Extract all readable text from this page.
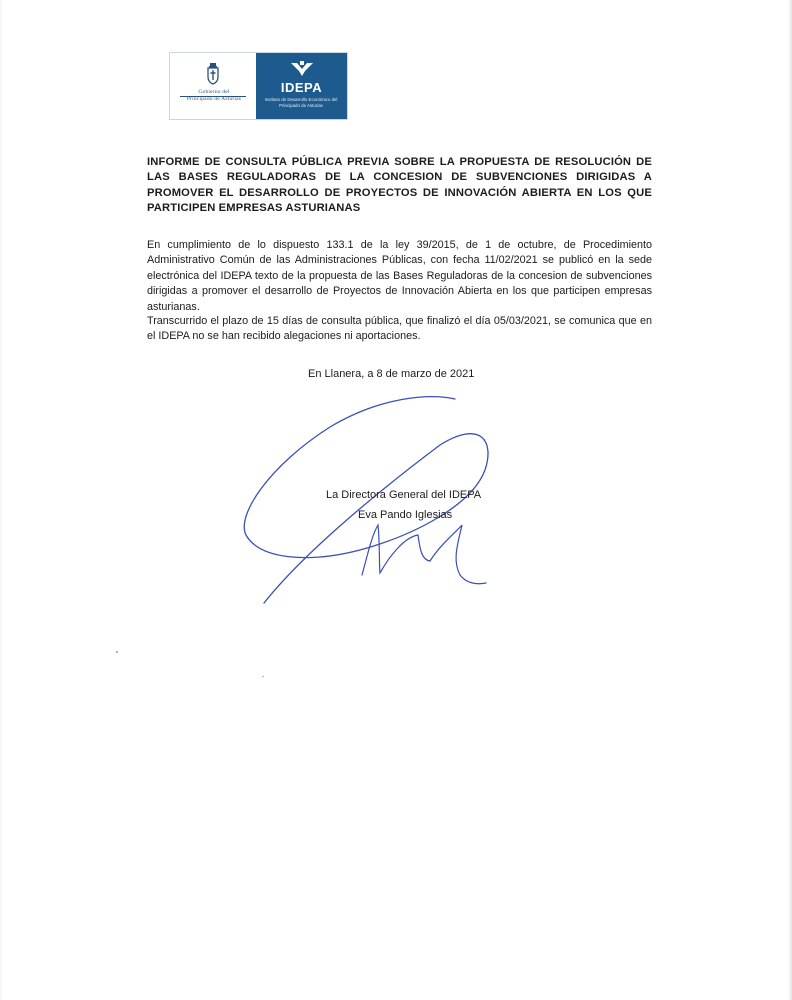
Gobierno del
Principado de Asturias
IDEPA
Instituto de Desarrollo Económico del Principado de Asturias
INFORME DE CONSULTA PÚBLICA PREVIA SOBRE LA PROPUESTA DE RESOLUCIÓN DE LAS BASES REGULADORAS DE LA CONCESION DE SUBVENCIONES DIRIGIDAS A PROMOVER EL DESARROLLO DE PROYECTOS DE INNOVACIÓN ABIERTA EN LOS QUE PARTICIPEN EMPRESAS ASTURIANAS
En cumplimiento de lo dispuesto 133.1 de la ley 39/2015, de 1 de octubre, de Procedimiento Administrativo Común de las Administraciones Públicas, con fecha 11/02/2021 se publicó en la sede electrónica del IDEPA texto de la propuesta de las Bases Reguladoras de la concesion de subvenciones dirigidas a promover el desarrollo de Proyectos de Innovación Abierta en los que participen empresas asturianas.
Transcurrido el plazo de 15 días de consulta pública, que finalizó el día 05/03/2021, se comunica que en el IDEPA no se han recibido alegaciones ni aportaciones.
En Llanera, a 8 de marzo de 2021
La Directora General del IDEPA
Eva Pando Iglesias
